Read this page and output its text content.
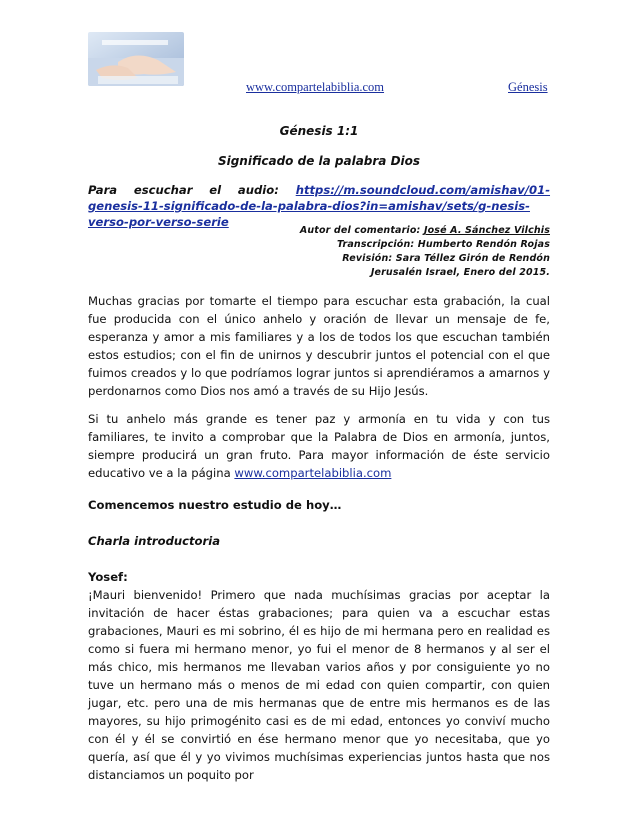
www.compartelabiblia.com	Génesis
Génesis 1:1
Significado de la palabra Dios
Para escuchar el audio: https://m.soundcloud.com/amishav/01-genesis-11-significado-de-la-palabra-dios?in=amishav/sets/g-nesis-verso-por-verso-serie
Autor del comentario: José A. Sánchez Vilchis
Transcripción: Humberto Rendón Rojas
Revisión: Sara Téllez Girón de Rendón
Jerusalén Israel, Enero del 2015.
Muchas gracias por tomarte el tiempo para escuchar esta grabación, la cual fue producida con el único anhelo y oración de llevar un mensaje de fe, esperanza y amor a mis familiares y a los de todos los que escuchan también estos estudios; con el fin de unirnos y descubrir juntos el potencial con el que fuimos creados y lo que podríamos lograr juntos si aprendiéramos a amarnos y perdonarnos como Dios nos amó a través de su Hijo Jesús.
Si tu anhelo más grande es tener paz y armonía en tu vida y con tus familiares, te invito a comprobar que la Palabra de Dios en armonía, juntos, siempre producirá un gran fruto. Para mayor información de éste servicio educativo ve a la página www.compartelabiblia.com
Comencemos nuestro estudio de hoy…
Charla introductoria
Yosef:
¡Mauri bienvenido! Primero que nada muchísimas gracias por aceptar la invitación de hacer éstas grabaciones; para quien va a escuchar estas grabaciones, Mauri es mi sobrino, él es hijo de mi hermana pero en realidad es como si fuera mi hermano menor, yo fui el menor de 8 hermanos y al ser el más chico, mis hermanos me llevaban varios años y por consiguiente yo no tuve un hermano más o menos de mi edad con quien compartir, con quien jugar, etc. pero una de mis hermanas que de entre mis hermanos es de las mayores, su hijo primogénito casi es de mi edad, entonces yo conviví mucho con él y él se convirtió en ése hermano menor que yo necesitaba, que yo quería, así que él y yo vivimos muchísimas experiencias juntos hasta que nos distanciamos un poquito por
